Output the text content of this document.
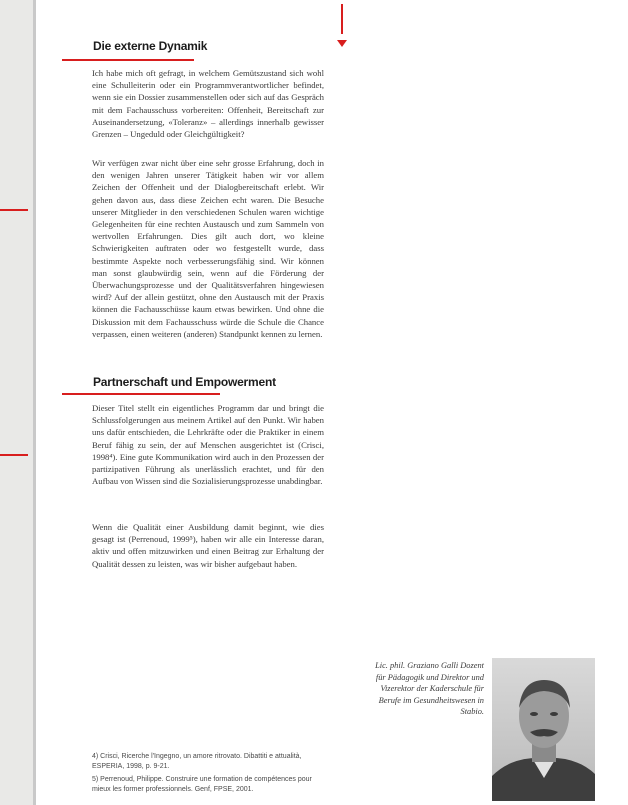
Die externe Dynamik

Ich habe mich oft gefragt, in welchem Gemütszustand sich wohl eine Schulleiterin oder ein Programmverantwortlicher befindet, wenn sie ein Dossier zusammenstellen oder sich auf das Gespräch mit dem Fachausschuss vorbereiten: Offenheit, Bereitschaft zur Auseinandersetzung, «Toleranz» – allerdings innerhalb gewisser Grenzen – Ungeduld oder Gleichgültigkeit?

Wir verfügen zwar nicht über eine sehr grosse Erfahrung, doch in den wenigen Jahren unserer Tätigkeit haben wir vor allem Zeichen der Offenheit und der Dialogbereitschaft erlebt. Wir gehen davon aus, dass diese Zeichen echt waren. Die Besuche unserer Mitglieder in den verschiedenen Schulen waren wichtige Gelegenheiten für eine rechten Austausch und zum Sammeln von wertvollen Erfahrungen. Dies gilt auch dort, wo kleine Schwierigkeiten auftraten oder wo festgestellt wurde, dass bestimmte Aspekte noch verbesserungsfähig sind. Wir können man sonst glaubwürdig sein, wenn auf die Förderung der Überwachungsprozesse und der Qualitätsverfahren hingewiesen wird? Auf der allein gestützt, ohne den Austausch mit der Praxis können die Fachausschüsse kaum etwas bewirken. Und ohne die Diskussion mit dem Fachausschuss würde die Schule die Chance verpassen, einen weiteren (anderen) Standpunkt kennen zu lernen.

Partnerschaft und Empowerment

Dieser Titel stellt ein eigentliches Programm dar und bringt die Schlussfolgerungen aus meinem Artikel auf den Punkt. Wir haben uns dafür entschieden, die Lehrkräfte oder die Praktiker in einem Beruf fähig zu sein, der auf Menschen ausgerichtet ist (Crisci, 1998⁴). Eine gute Kommunikation wird auch in den Prozessen der partizipativen Führung als unerlässlich erachtet, und für den Aufbau von Wissen sind die Sozialisierungsprozesse unabdingbar.

Wenn die Qualität einer Ausbildung damit beginnt, wie dies gesagt ist (Perrenoud, 1999⁵), haben wir alle ein Interesse daran, aktiv und offen mitzuwirken und einen Beitrag zur Erhaltung der Qualität dessen zu leisten, was wir bisher aufgebaut haben.

Lic. phil. Graziano Galli Dozent für Pädagogik und Direktor und Vizerektor der Kaderschule für Berufe im Gesundheitswesen in Stabio.

4) Crisci, Ricerche l'Ingegno, un amore ritrovato. Dibattiti e attualità, ESPERIA, 1998, p. 9-21.

5) Perrenoud, Philippe. Construire une formation de compétences pour mieux les former professionnels. Genf, FPSE, 2001.
